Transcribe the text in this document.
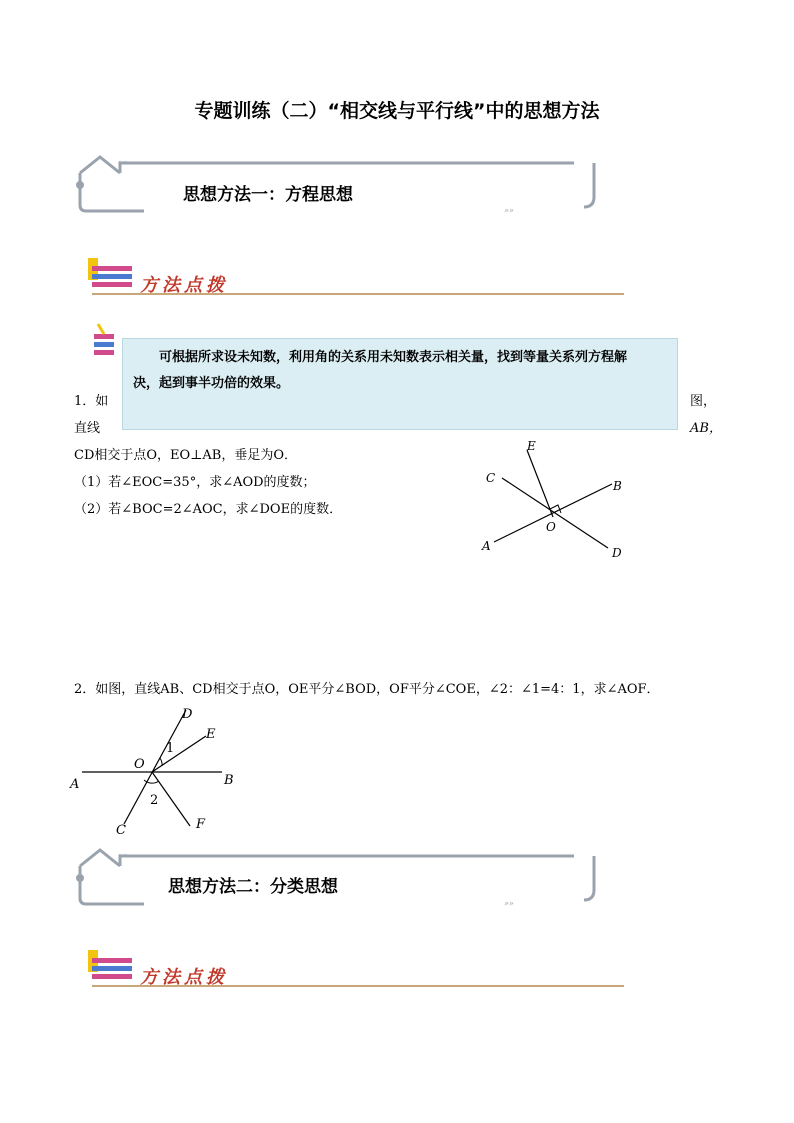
专题训练（二）“相交线与平行线”中的思想方法
»»
»»
思想方法一：方程思想
方法点拨
可根据所求设未知数，利用角的关系用未知数表示相关量，找到等量关系列方程解
决，起到事半功倍的效果。
1．如	图，
直线	AB，
CD相交于点O，EO⊥AB，垂足为O．
（1）若∠EOC=35°，求∠AOD的度数；
（2）若∠BOC=2∠AOC，求∠DOE的度数．
E
C
B
O
A	D
2．如图，直线AB、CD相交于点O，OE平分∠BOD，OF平分∠COE，∠2：∠1=4：1，求∠AOF．
D
E
1
O
A	B
2
C	F
»»
»»
思想方法二：分类思想
方法点拨
